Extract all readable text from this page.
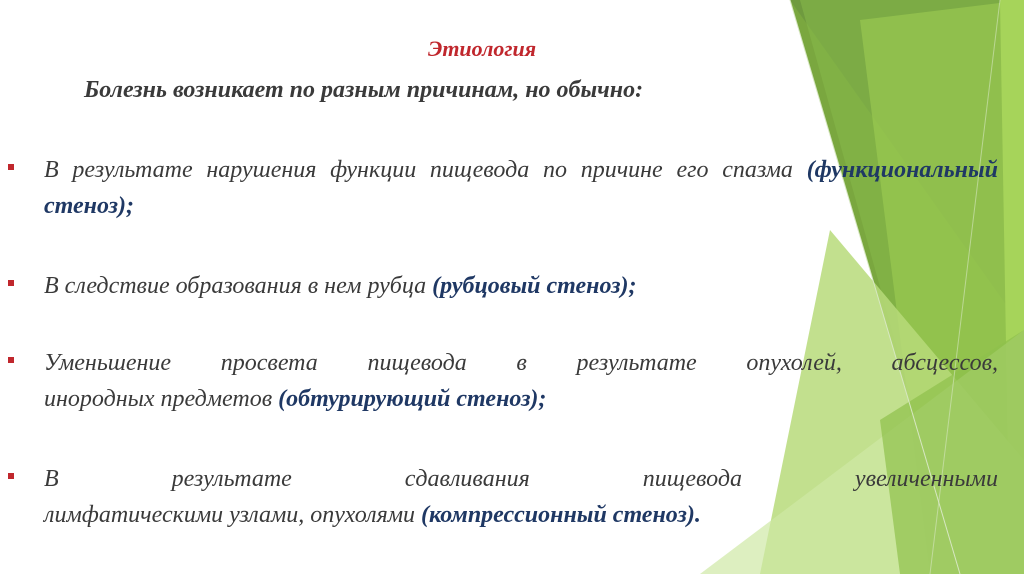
Этиология
Болезнь возникает по разным причинам, но обычно:
В результате нарушения функции пищевода по причине его спазма (функциональный стеноз);
В следствие образования в нем рубца (рубцовый стеноз);
Уменьшение просвета пищевода в результате опухолей, абсцессов,
инородных предметов (обтурирующий стеноз);
В результате сдавливания пищевода увеличенными
лимфатическими узлами, опухолями (компрессионный стеноз).
